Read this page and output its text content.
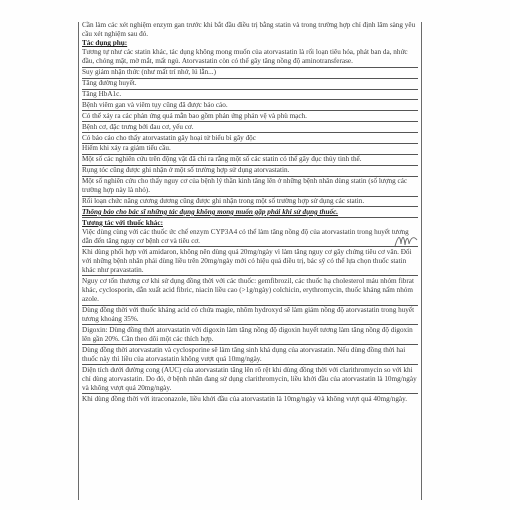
Cần làm các xét nghiệm enzym gan trước khi bắt đầu điều trị bằng statin và trong trường hợp chỉ định lâm sàng yêu cầu xét nghiệm sau đó.

Tác dụng phụ:

Tương tự như các statin khác, tác dụng không mong muốn của atorvastatin là rối loạn tiêu hóa, phát ban da, nhức đầu, chóng mặt, mờ mắt, mất ngủ. Atorvastatin còn có thể gây tăng nồng độ aminotransferase.

Suy giảm nhận thức (như mất trí nhớ, lú lẫn...)

Tăng đường huyết.

Tăng HbA1c.

Bệnh viêm gan và viêm tụy cũng đã được báo cáo.

Có thể xảy ra các phản ứng quá mẫn bao gồm phản ứng phản vệ và phù mạch.

Bệnh cơ, đặc trưng bởi đau cơ, yếu cơ.

Có báo cáo cho thấy atorvastatin gây hoại tử biểu bì gây độc

Hiếm khi xảy ra giảm tiểu cầu.

Một số các nghiên cứu trên động vật đã chỉ ra rằng một số các statin có thể gây đục thủy tinh thể.

Rụng tóc cũng được ghi nhận ở một số trường hợp sử dụng atorvastatin.

Một số nghiên cứu cho thấy nguy cơ của bệnh lý thần kinh tăng lên ở những bệnh nhân dùng statin (số lượng các trường hợp này là nhỏ).

Rối loạn chức năng cương dương cũng được ghi nhận trong một số trường hợp sử dụng các statin.

Thông báo cho bác sĩ những tác dụng không mong muốn gặp phải khi sử dụng thuốc.

Tương tác với thuốc khác:

Việc dùng cùng với các thuốc ức chế enzym CYP3A4 có thể làm tăng nồng độ của atorvastatin trong huyết tương dẫn đến tăng nguy cơ bệnh cơ và tiêu cơ.

Khi dùng phối hợp với amidaron, không nên dùng quá 20mg/ngày vì làm tăng nguy cơ gây chứng tiêu cơ vân. Đối với những bệnh nhân phải dùng liều trên 20mg/ngày mới có hiệu quả điều trị, bác sỹ có thể lựa chọn thuốc statin khác như pravastatin.

Nguy cơ tổn thương cơ khi sử dụng đồng thời với các thuốc: gemfibrozil, các thuốc hạ cholesterol máu nhóm fibrat khác, cyclosporin, dẫn xuất acid fibric, niacin liều cao (>1g/ngày) colchicin, erythromycin, thuốc kháng nấm nhóm azole.

Dùng đồng thời với thuốc kháng acid có chứa magie, nhôm hydroxyd sẽ làm giảm nồng độ atorvastatin trong huyết tương khoảng 35%.

Digoxin: Dùng đồng thời atorvastatin với digoxin làm tăng nồng độ digoxin huyết tương làm tăng nồng độ digoxin lên gần 20%. Cần theo dõi một các thích hợp.

Dùng đồng thời atorvastatin và cyclosporine sẽ làm tăng sinh khả dụng của atorvastatin. Nếu dùng đồng thời hai thuốc này thì liều của atorvastatin không vượt quá 10mg/ngày.

Diện tích dưới đường cong (AUC) của atorvastatin tăng lên rõ rệt khi dùng đồng thời với clarithromycin so với khi chỉ dùng atorvastatin. Do đó, ở bệnh nhân đang sử dụng clarithromycin, liều khởi đầu của atorvastatin là 10mg/ngày và không vượt quá 20mg/ngày.

Khi dùng đồng thời với itraconazole, liều khởi đầu của atorvastatin là 10mg/ngày và không vượt quá 40mg/ngày.
